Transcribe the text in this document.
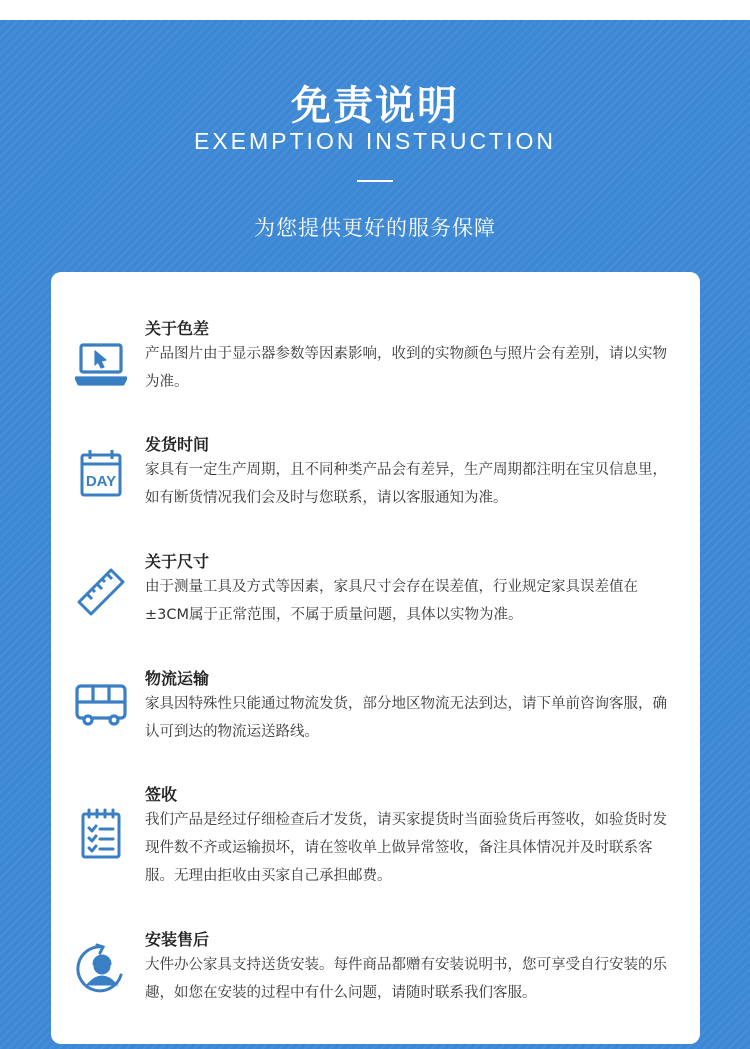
免责说明
EXEMPTION INSTRUCTION
为您提供更好的服务保障
关于色差
产品图片由于显示器参数等因素影响，收到的实物颜色与照片会有差别，请以实物为准。
DAY
发货时间
家具有一定生产周期，且不同种类产品会有差异，生产周期都注明在宝贝信息里，如有断货情况我们会及时与您联系，请以客服通知为准。
关于尺寸
由于测量工具及方式等因素，家具尺寸会存在误差值，行业规定家具误差值在±3CM属于正常范围，不属于质量问题，具体以实物为准。
物流运输
家具因特殊性只能通过物流发货，部分地区物流无法到达，请下单前咨询客服，确认可到达的物流运送路线。
签收
我们产品是经过仔细检查后才发货，请买家提货时当面验货后再签收，如验货时发现件数不齐或运输损坏，请在签收单上做异常签收，备注具体情况并及时联系客服。无理由拒收由买家自己承担邮费。
安装售后
大件办公家具支持送货安装。每件商品都赠有安装说明书，您可享受自行安装的乐趣，如您在安装的过程中有什么问题，请随时联系我们客服。
